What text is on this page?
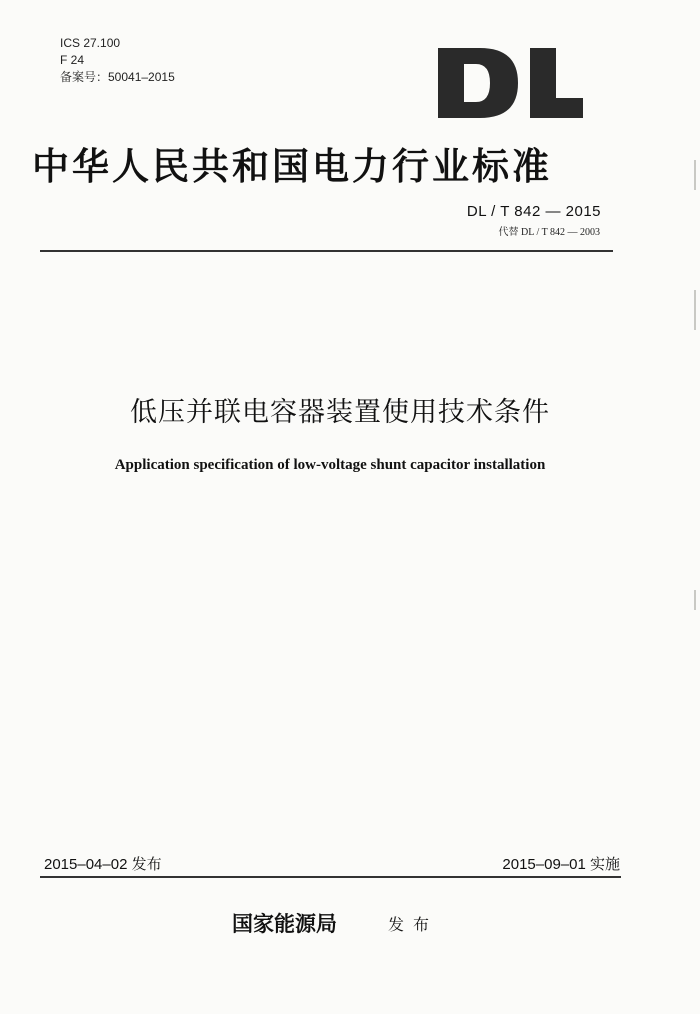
ICS 27.100
F 24
备案号：50041–2015
中华人民共和国电力行业标准
DL / T 842 — 2015
代替 DL / T 842 — 2003
低压并联电容器装置使用技术条件
Application specification of low-voltage shunt capacitor installation
2015–04–02 发布	2015–09–01 实施
国家能源局	发布
